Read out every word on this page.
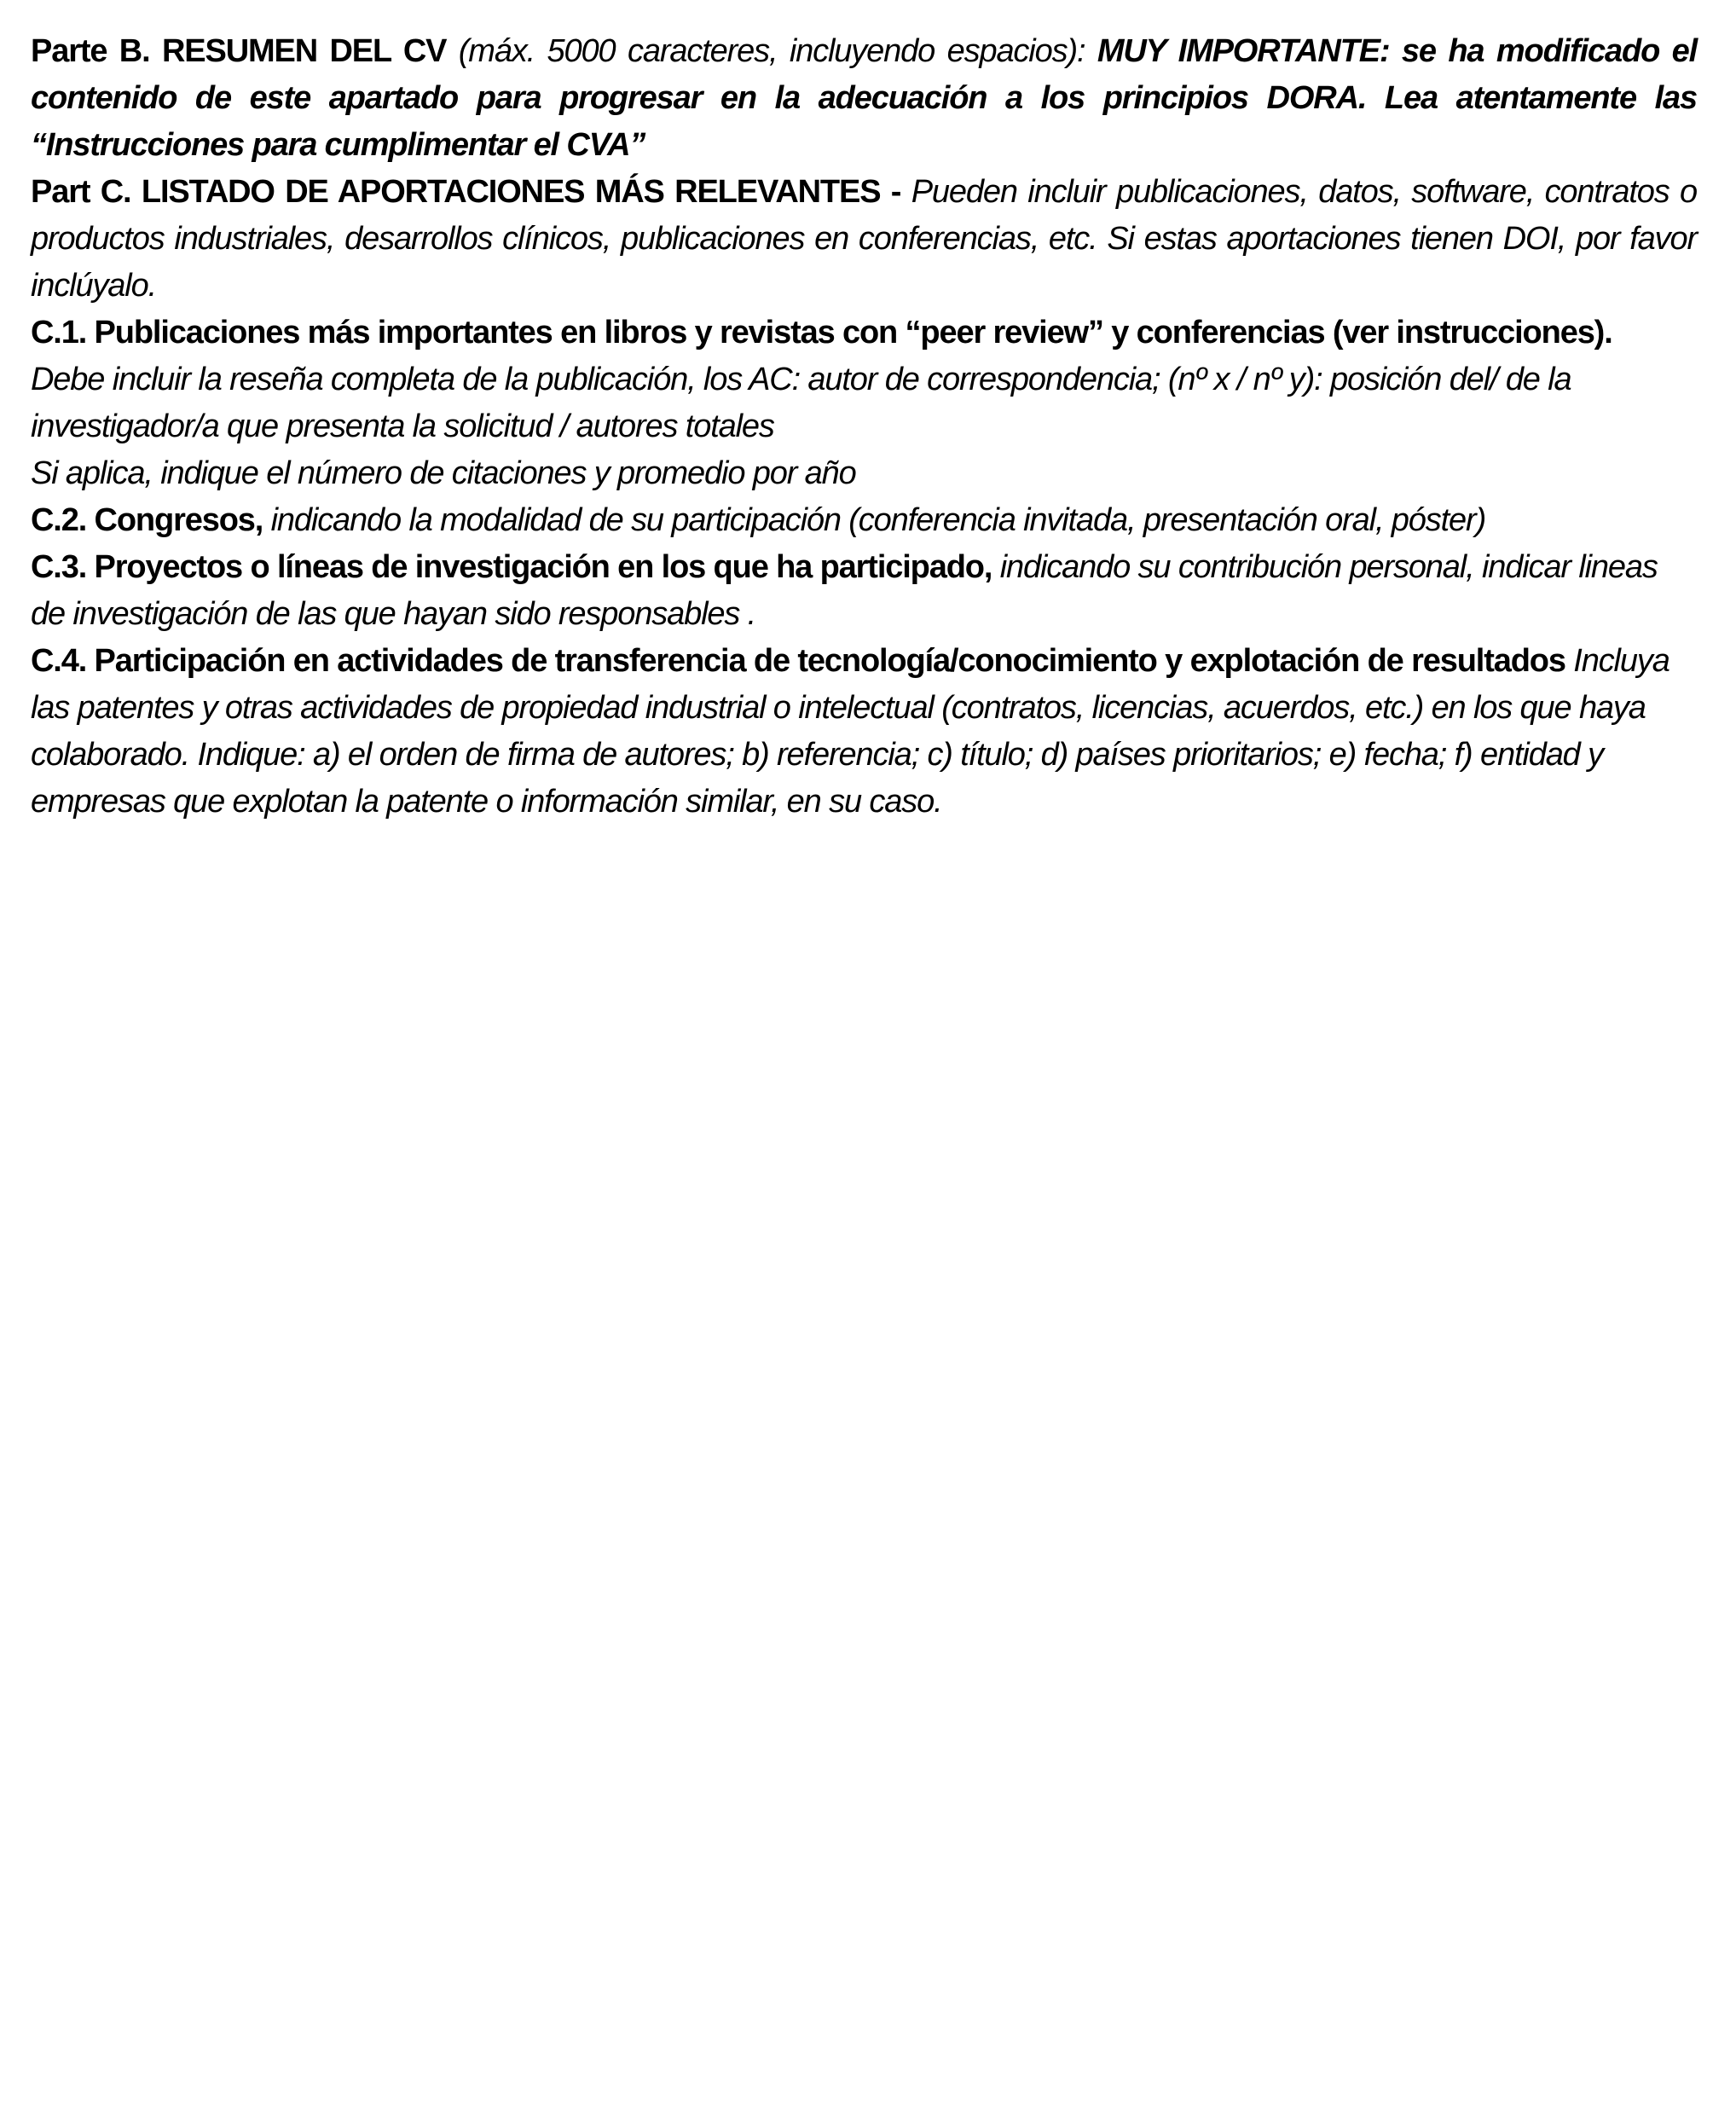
Parte B. RESUMEN DEL CV (máx. 5000 caracteres, incluyendo espacios): MUY IMPORTANTE: se ha modificado el contenido de este apartado para progresar en la adecuación a los principios DORA. Lea atentamente las “Instrucciones para cumplimentar el CVA”

Part C. LISTADO DE APORTACIONES MÁS RELEVANTES - Pueden incluir publicaciones, datos, software, contratos o productos industriales, desarrollos clínicos, publicaciones en conferencias, etc. Si estas aportaciones tienen DOI, por favor inclúyalo.

C.1. Publicaciones más importantes en libros y revistas con “peer review” y conferencias (ver instrucciones).

Debe incluir la reseña completa de la publicación, los AC: autor de correspondencia; (nº x / nº y): posición del/ de la investigador/a que presenta la solicitud / autores totales

Si aplica, indique el número de citaciones y promedio por año

C.2. Congresos, indicando la modalidad de su participación (conferencia invitada, presentación oral, póster)

C.3. Proyectos o líneas de investigación en los que ha participado, indicando su contribución personal, indicar lineas de investigación de las que hayan sido responsables .

C.4. Participación en actividades de transferencia de tecnología/conocimiento y explotación de resultados Incluya las patentes y otras actividades de propiedad industrial o intelectual (contratos, licencias, acuerdos, etc.) en los que haya colaborado. Indique: a) el orden de firma de autores; b) referencia; c) título; d) países prioritarios; e) fecha; f) entidad y empresas que explotan la patente o información similar, en su caso.
